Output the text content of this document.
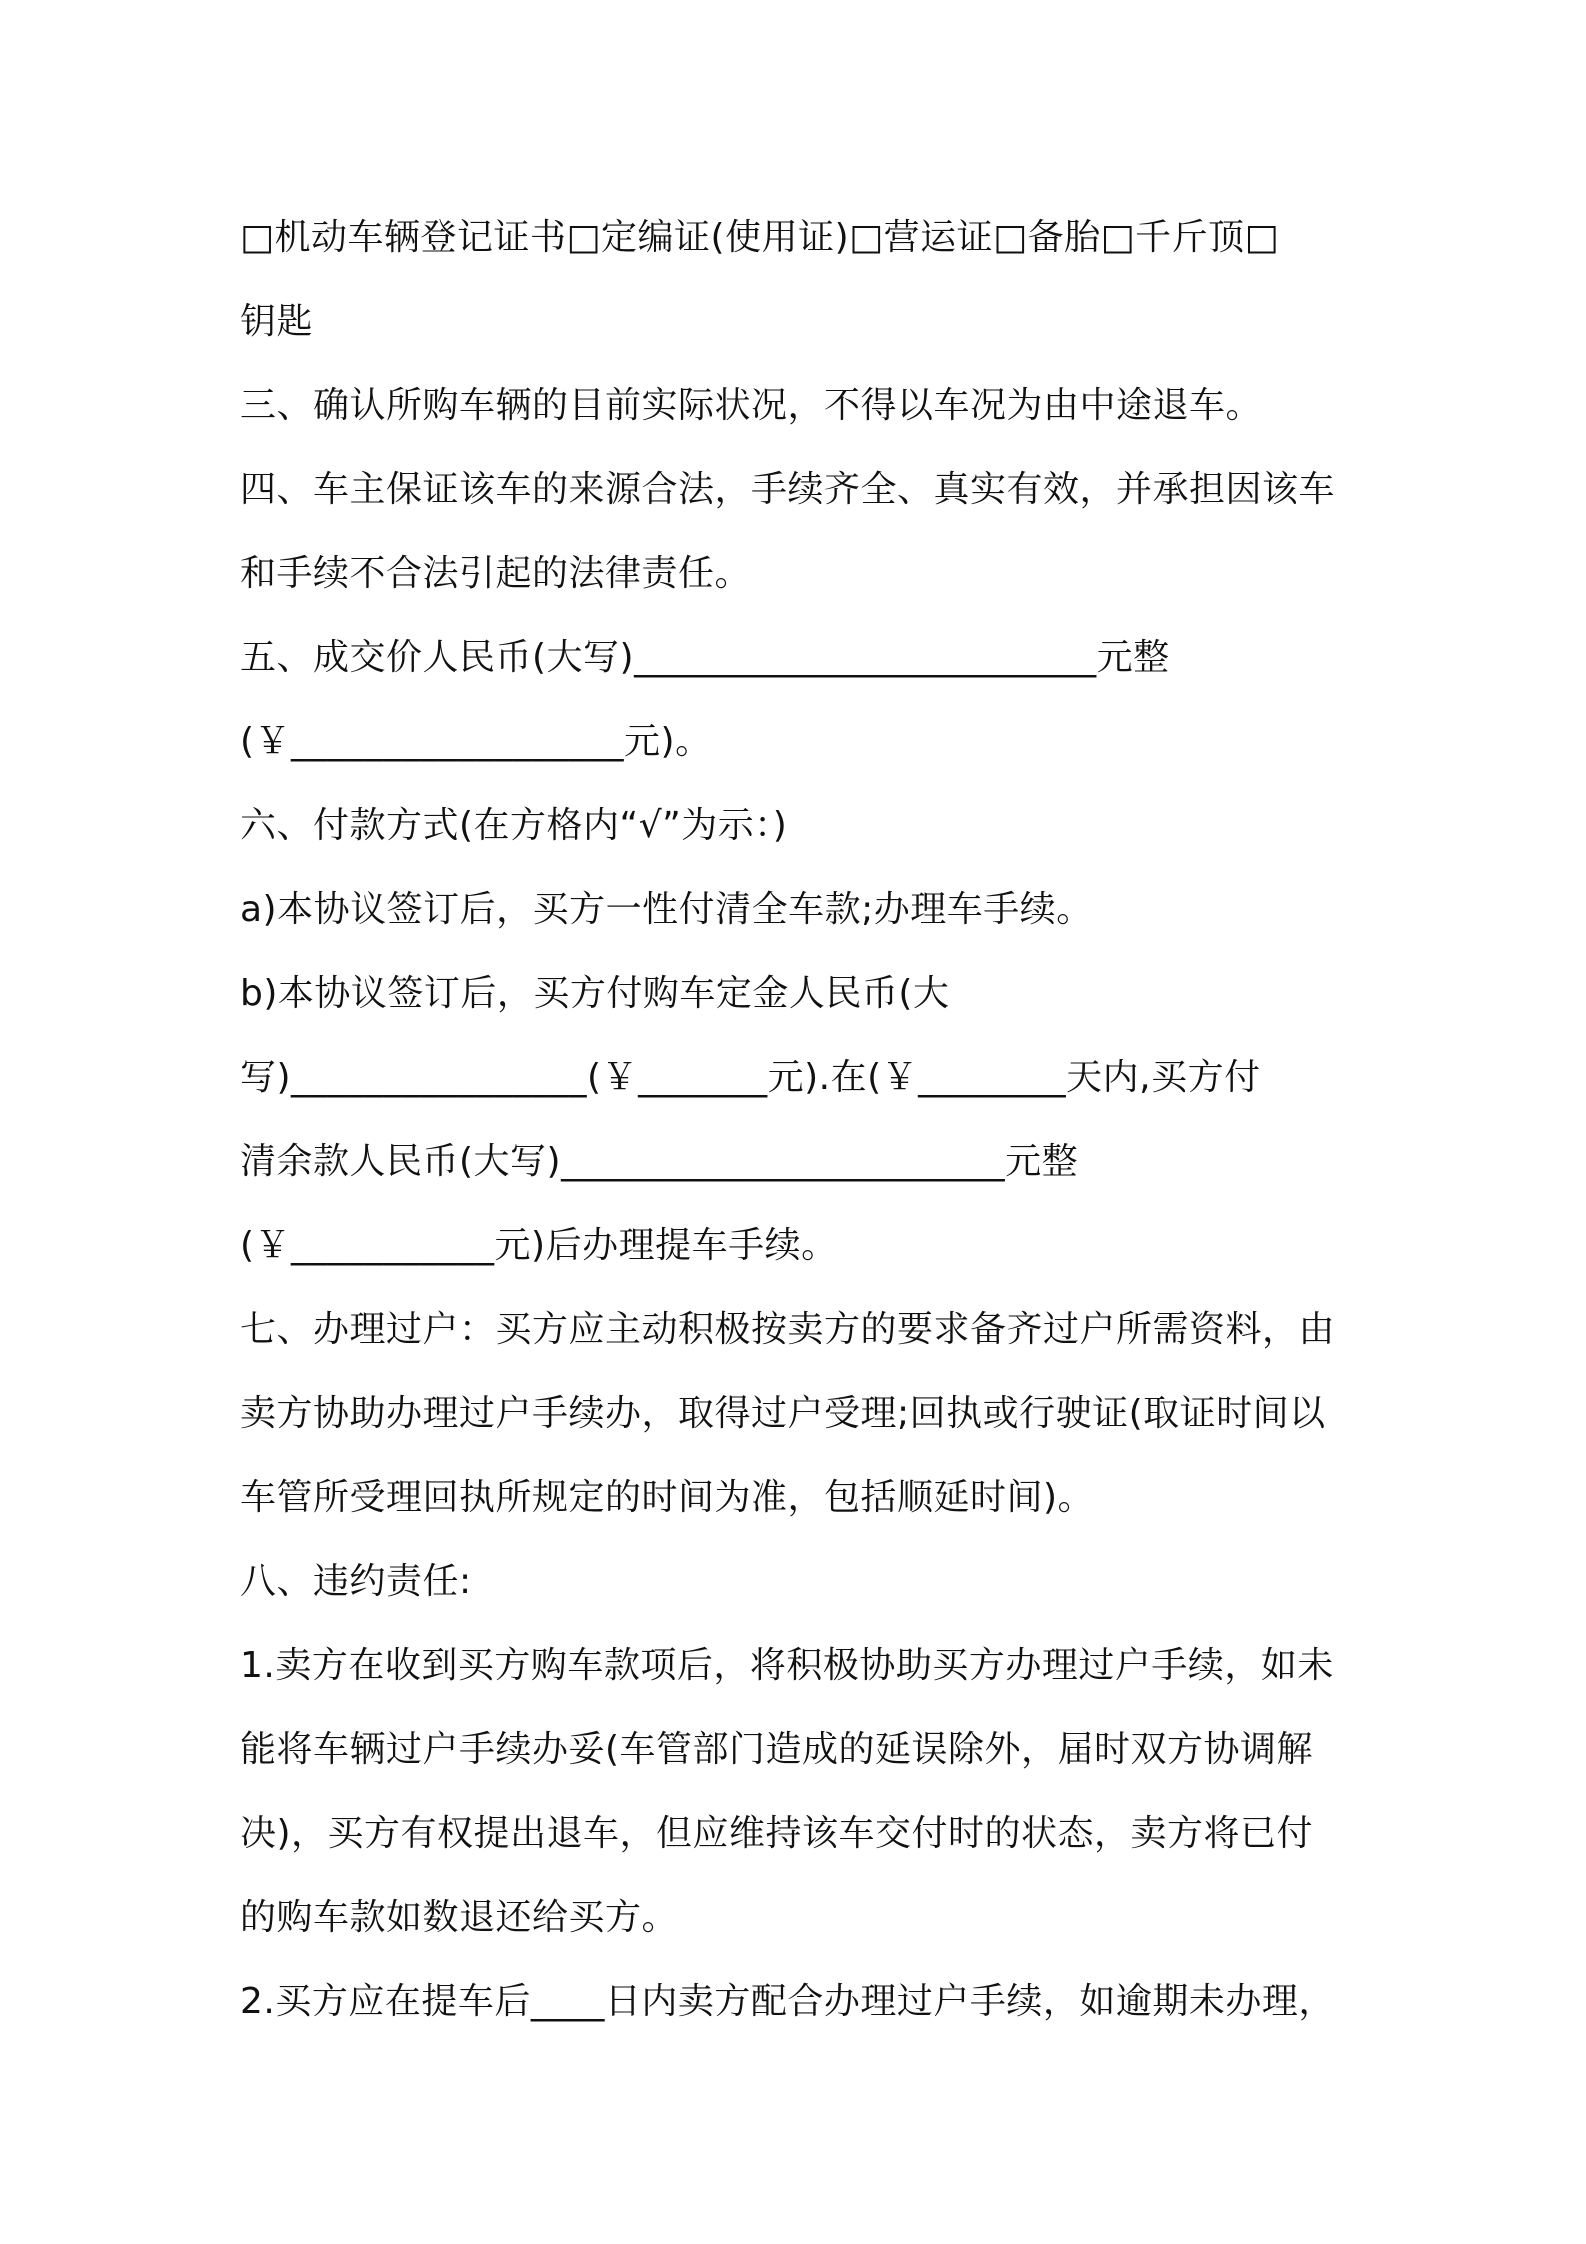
□机动车辆登记证书□定编证(使用证)□营运证□备胎□千斤顶□
钥匙
三、确认所购车辆的目前实际状况，不得以车况为由中途退车。
四、车主保证该车的来源合法，手续齐全、真实有效，并承担因该车
和手续不合法引起的法律责任。
五、成交价人民币(大写)_________________________元整
(￥__________________元)。
六、付款方式(在方格内“√”为示：)
a)本协议签订后，买方一性付清全车款;办理车手续。
b)本协议签订后，买方付购车定金人民币(大
写)________________(￥_______元).在(￥________天内,买方付
清余款人民币(大写)________________________元整
(￥___________元)后办理提车手续。
七、办理过户：买方应主动积极按卖方的要求备齐过户所需资料，由
卖方协助办理过户手续办，取得过户受理;回执或行驶证(取证时间以
车管所受理回执所规定的时间为准，包括顺延时间)。
八、违约责任:
1.卖方在收到买方购车款项后，将积极协助买方办理过户手续，如未
能将车辆过户手续办妥(车管部门造成的延误除外，届时双方协调解
决)，买方有权提出退车，但应维持该车交付时的状态，卖方将已付
的购车款如数退还给买方。
2.买方应在提车后____日内卖方配合办理过户手续，如逾期未办理，
